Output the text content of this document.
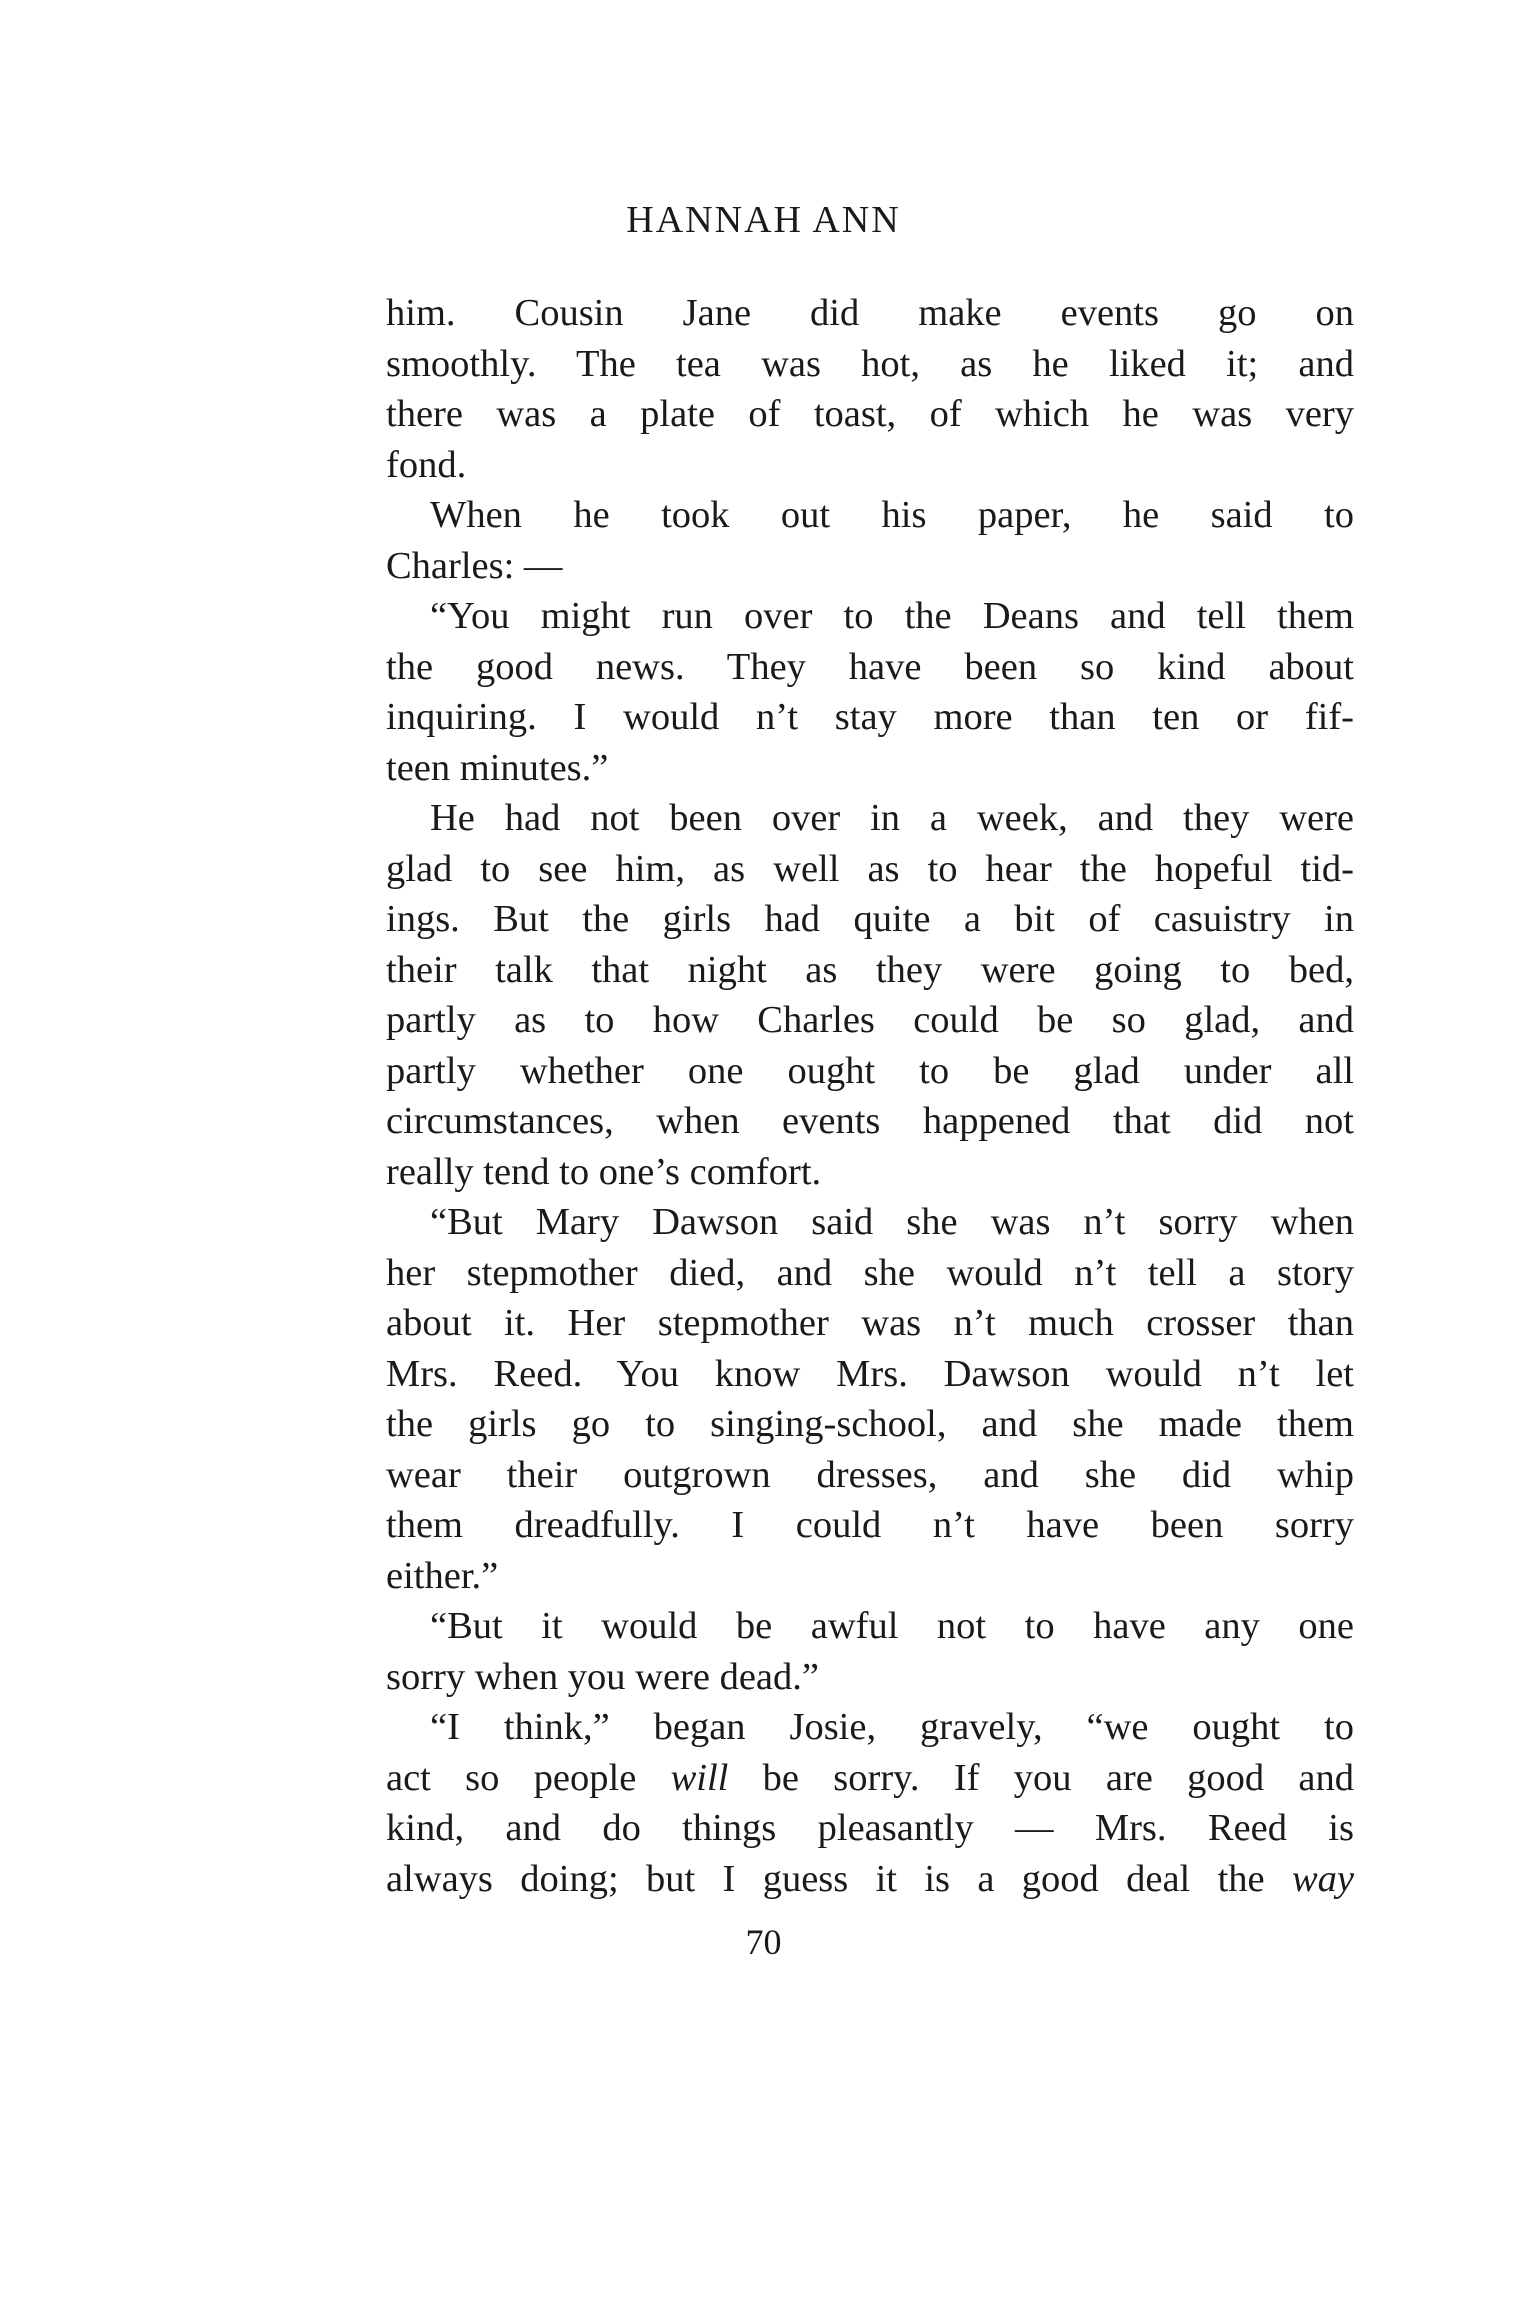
HANNAH ANN
him. Cousin Jane did make events go on
smoothly. The tea was hot, as he liked it; and
there was a plate of toast, of which he was very
fond.
When he took out his paper, he said to
Charles: —
“You might run over to the Deans and tell them
the good news. They have been so kind about
inquiring. I would n’t stay more than ten or fif-
teen minutes.”
He had not been over in a week, and they were
glad to see him, as well as to hear the hopeful tid-
ings. But the girls had quite a bit of casuistry in
their talk that night as they were going to bed,
partly as to how Charles could be so glad, and
partly whether one ought to be glad under all
circumstances, when events happened that did not
really tend to one’s comfort.
“But Mary Dawson said she was n’t sorry when
her stepmother died, and she would n’t tell a story
about it. Her stepmother was n’t much crosser than
Mrs. Reed. You know Mrs. Dawson would n’t let
the girls go to singing-school, and she made them
wear their outgrown dresses, and she did whip
them dreadfully. I could n’t have been sorry
either.”
“But it would be awful not to have any one
sorry when you were dead.”
“I think,” began Josie, gravely, “we ought to
act so people will be sorry. If you are good and
kind, and do things pleasantly — Mrs. Reed is
always doing; but I guess it is a good deal the way
70
